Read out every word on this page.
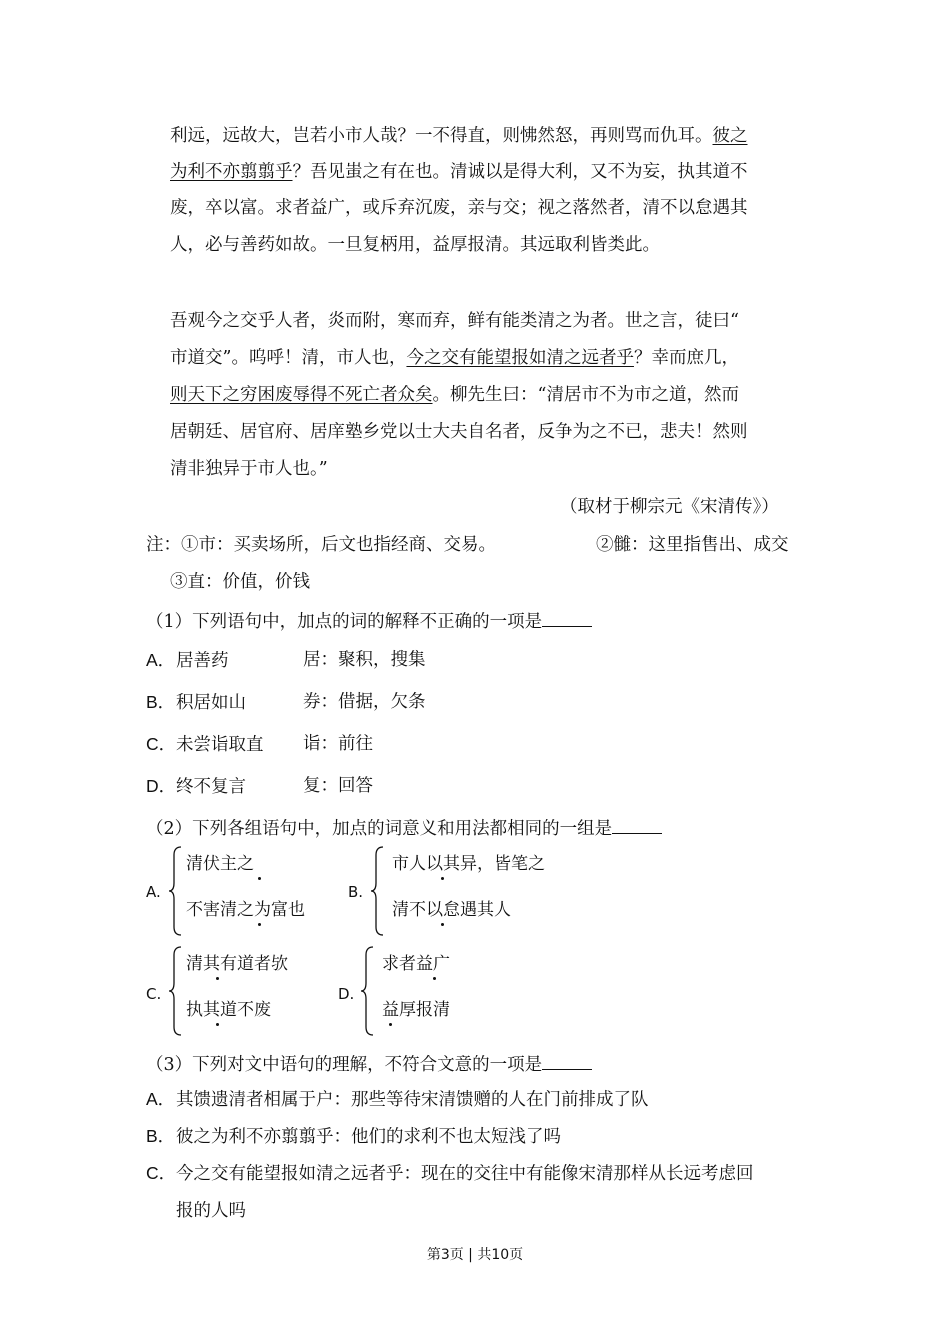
利远，远故大，岂若小市人哉？一不得直，则怫然怒，再则骂而仇耳。彼之
为利不亦翦翦乎？吾见蚩之有在也。清诚以是得大利，又不为妄，执其道不
废，卒以富。求者益广，或斥弃沉废，亲与交；视之落然者，清不以怠遇其
人，必与善药如故。一旦复柄用，益厚报清。其远取利皆类此。
吾观今之交乎人者，炎而附，寒而弃，鲜有能类清之为者。世之言，徒曰“
市道交”。呜呼！清，市人也，今之交有能望报如清之远者乎？幸而庶几，
则天下之穷困废辱得不死亡者众矣。柳先生曰：“清居市不为市之道，然而
居朝廷、居官府、居庠塾乡党以士大夫自名者，反争为之不已，悲夫！然则
清非独异于市人也。”
（取材于柳宗元《宋清传》）
注：①市：买卖场所，后文也指经商、交易。	②雠：这里指售出、成交
③直：价值，价钱
（1）下列语句中，加点的词的解释不正确的一项是
A．居善药	居：聚积，搜集
B．积居如山	券：借据，欠条
C．未尝诣取直 诣：前往
D．终不复言	复：回答
（2）下列各组语句中，加点的词意义和用法都相同的一组是
A.
清伏主之
不害清之为富也
B.
市人以其异，皆笔之
清不以怠遇其人
C.
清其有道者欤
执其道不废
D.
求者益广
益厚报清
（3）下列对文中语句的理解，不符合文意的一项是
A．其馈遗清者相属于户：那些等待宋清馈赠的人在门前排成了队
B．彼之为利不亦翦翦乎：他们的求利不也太短浅了吗
C．今之交有能望报如清之远者乎：现在的交往中有能像宋清那样从长远考虑回
报的人吗
第3页 | 共10页
